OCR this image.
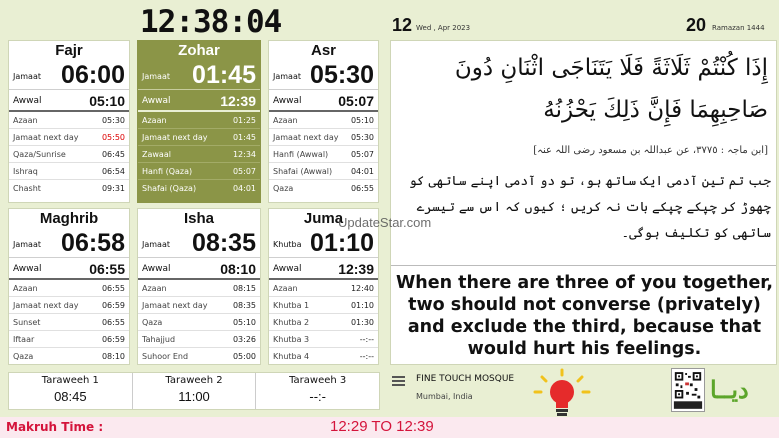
12:38:04
Fajr
Jamaat 06:00
Awwal	05:10
Azaan	05:30
Jamaat next day	05:50
Qaza/Sunrise	06:45
Ishraq	06:54
Chasht	09:31
Zohar
Jamaat 01:45
Awwal	12:39
Azaan	01:25
Jamaat next day	01:45
Zawaal	12:34
Hanfi (Qaza)	05:07
Shafai (Qaza)	04:01
Asr
Jamaat 05:30
Awwal	05:07
Azaan	05:10
Jamaat next day 05:30
Hanfi (Awwal)	05:07
Shafai (Awwal) 04:01
Qaza	06:55
Maghrib
Jamaat 06:58
Awwal	06:55
Azaan	06:55
Jamaat next day	06:59
Sunset	06:55
Iftaar	06:59
Qaza	08:10
Isha
Jamaat 08:35
Awwal	08:10
Azaan	08:15
Jamaat next day	08:35
Qaza	05:10
Tahajjud	03:26
Suhoor End	05:00
Juma
Khutba 01:10
Awwal	12:39
Azaan	12:40
Khutba 1	01:10
Khutba 2	01:30
Khutba 3	--:--
Khutba 4	--:--
Taraweeh 1
08:45
Taraweeh 2
11:00
Taraweeh 3
--:-
Makruh Time :	12:29 TO 12:39
12 Wed , Apr 2023	20 Ramazan 1444
إِذَا كُنْتُمْ ثَلَاثَةً فَلَا يَتَنَاجَى اثْنَانِ دُونَ صَاحِبِهِمَا فَإِنَّ ذَلِكَ يَحْزُنُهُ
[ابن ماجہ : ٣٧٧٥، عن عبداللہ بن مسعود رضی اللہ عنہ]
جب تم تین آدمی ایک ساتھ ہو، تو دو آدمی اپنے ساتھی کو چھوڑ کر چپکے چپکے بات نہ کریں ؛ کیوں کہ اس سے تیسرے ساتھی کو تکلیف ہوگی۔
When there are three of you together, two should not converse (privately) and exclude the third, because that would hurt his feelings.
UpdateStar.com
FINE TOUCH MOSQUE
Mumbai, India	دیــا
